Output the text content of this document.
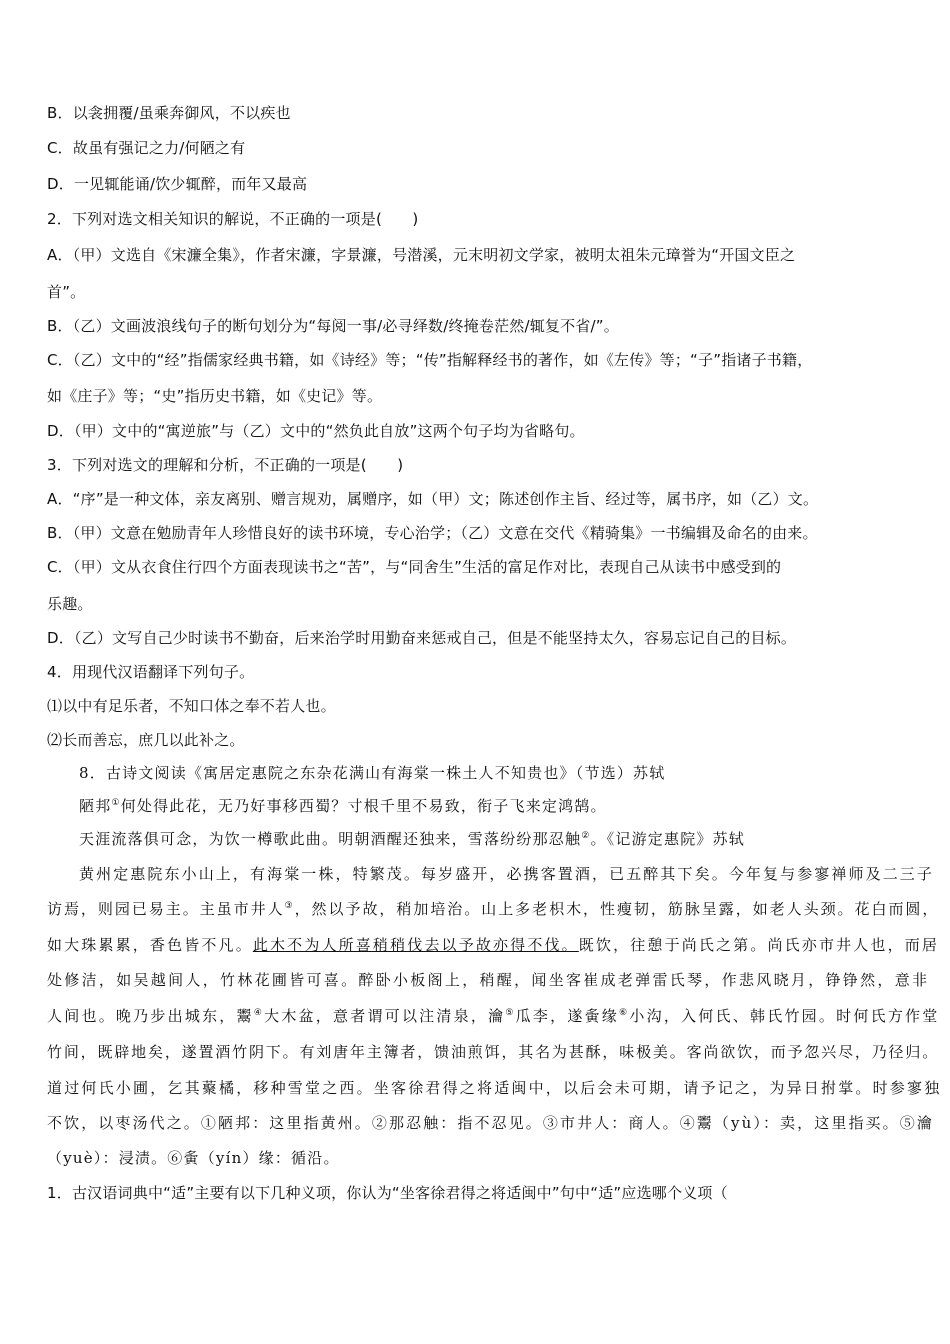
B．以衾拥覆/虽乘奔御风，不以疾也
C．故虽有强记之力/何陋之有
D．一见辄能诵/饮少辄醉，而年又最高
2．下列对选文相关知识的解说，不正确的一项是(　　)
A．（甲）文选自《宋濂全集》，作者宋濂，字景濂，号潜溪，元末明初文学家，被明太祖朱元璋誉为“开国文臣之
首”。
B．（乙）文画波浪线句子的断句划分为“每阅一事/必寻绎数/终掩卷茫然/辄复不省/”。
C．（乙）文中的“经”指儒家经典书籍，如《诗经》等；“传”指解释经书的著作，如《左传》等；“子”指诸子书籍，
如《庄子》等；“史”指历史书籍，如《史记》等。
D．（甲）文中的“寓逆旅”与（乙）文中的“然负此自放”这两个句子均为省略句。
3．下列对选文的理解和分析，不正确的一项是(　　)
A．“序”是一种文体，亲友离别、赠言规劝，属赠序，如（甲）文；陈述创作主旨、经过等，属书序，如（乙）文。
B．（甲）文意在勉励青年人珍惜良好的读书环境，专心治学；（乙）文意在交代《精骑集》一书编辑及命名的由来。
C．（甲）文从衣食住行四个方面表现读书之“苦”，与“同舍生”生活的富足作对比，表现自己从读书中感受到的
乐趣。
D．（乙）文写自己少时读书不勤奋，后来治学时用勤奋来惩戒自己，但是不能坚持太久，容易忘记自己的目标。
4．用现代汉语翻译下列句子。
⑴以中有足乐者，不知口体之奉不若人也。
⑵长而善忘，庶几以此补之。
8．古诗文阅读《寓居定惠院之东杂花满山有海棠一株土人不知贵也》（节选）苏轼
陋邦①何处得此花，无乃好事移西蜀？寸根千里不易致，衔子飞来定鸿鹄。
天涯流落俱可念，为饮一樽歌此曲。明朝酒醒还独来，雪落纷纷那忍触②。《记游定惠院》苏轼
黄州定惠院东小山上，有海棠一株，特繁茂。每岁盛开，必携客置酒，已五醉其下矣。今年复与参寥禅师及二三子
访焉，则园已易主。主虽市井人③，然以予故，稍加培治。山上多老枳木，性瘦韧，筋脉呈露，如老人头颈。花白而圆，
如大珠累累，香色皆不凡。此木不为人所喜稍稍伐去以予故亦得不伐。既饮，往憩于尚氏之第。尚氏亦市井人也，而居
处修洁，如吴越间人，竹林花圃皆可喜。醉卧小板阁上，稍醒，闻坐客崔成老弹雷氏琴，作悲风晓月，铮铮然，意非
人间也。晚乃步出城东，鬻④大木盆，意者谓可以注清泉，瀹⑤瓜李，遂夤缘⑥小沟，入何氏、韩氏竹园。时何氏方作堂
竹间，既辟地矣，遂置酒竹阴下。有刘唐年主簿者，馈油煎饵，其名为甚酥，味极美。客尚欲饮，而予忽兴尽，乃径归。
道过何氏小圃，乞其藂橘，移种雪堂之西。坐客徐君得之将适闽中，以后会未可期，请予记之，为异日拊掌。时参寥独
不饮，以枣汤代之。①陋邦：这里指黄州。②那忍触：指不忍见。③市井人：商人。④鬻（yù）：卖，这里指买。⑤瀹
（yuè）：浸渍。⑥夤（yín）缘：循沿。
1．古汉语词典中“适”主要有以下几种义项，你认为“坐客徐君得之将适闽中”句中“适”应选哪个义项（
